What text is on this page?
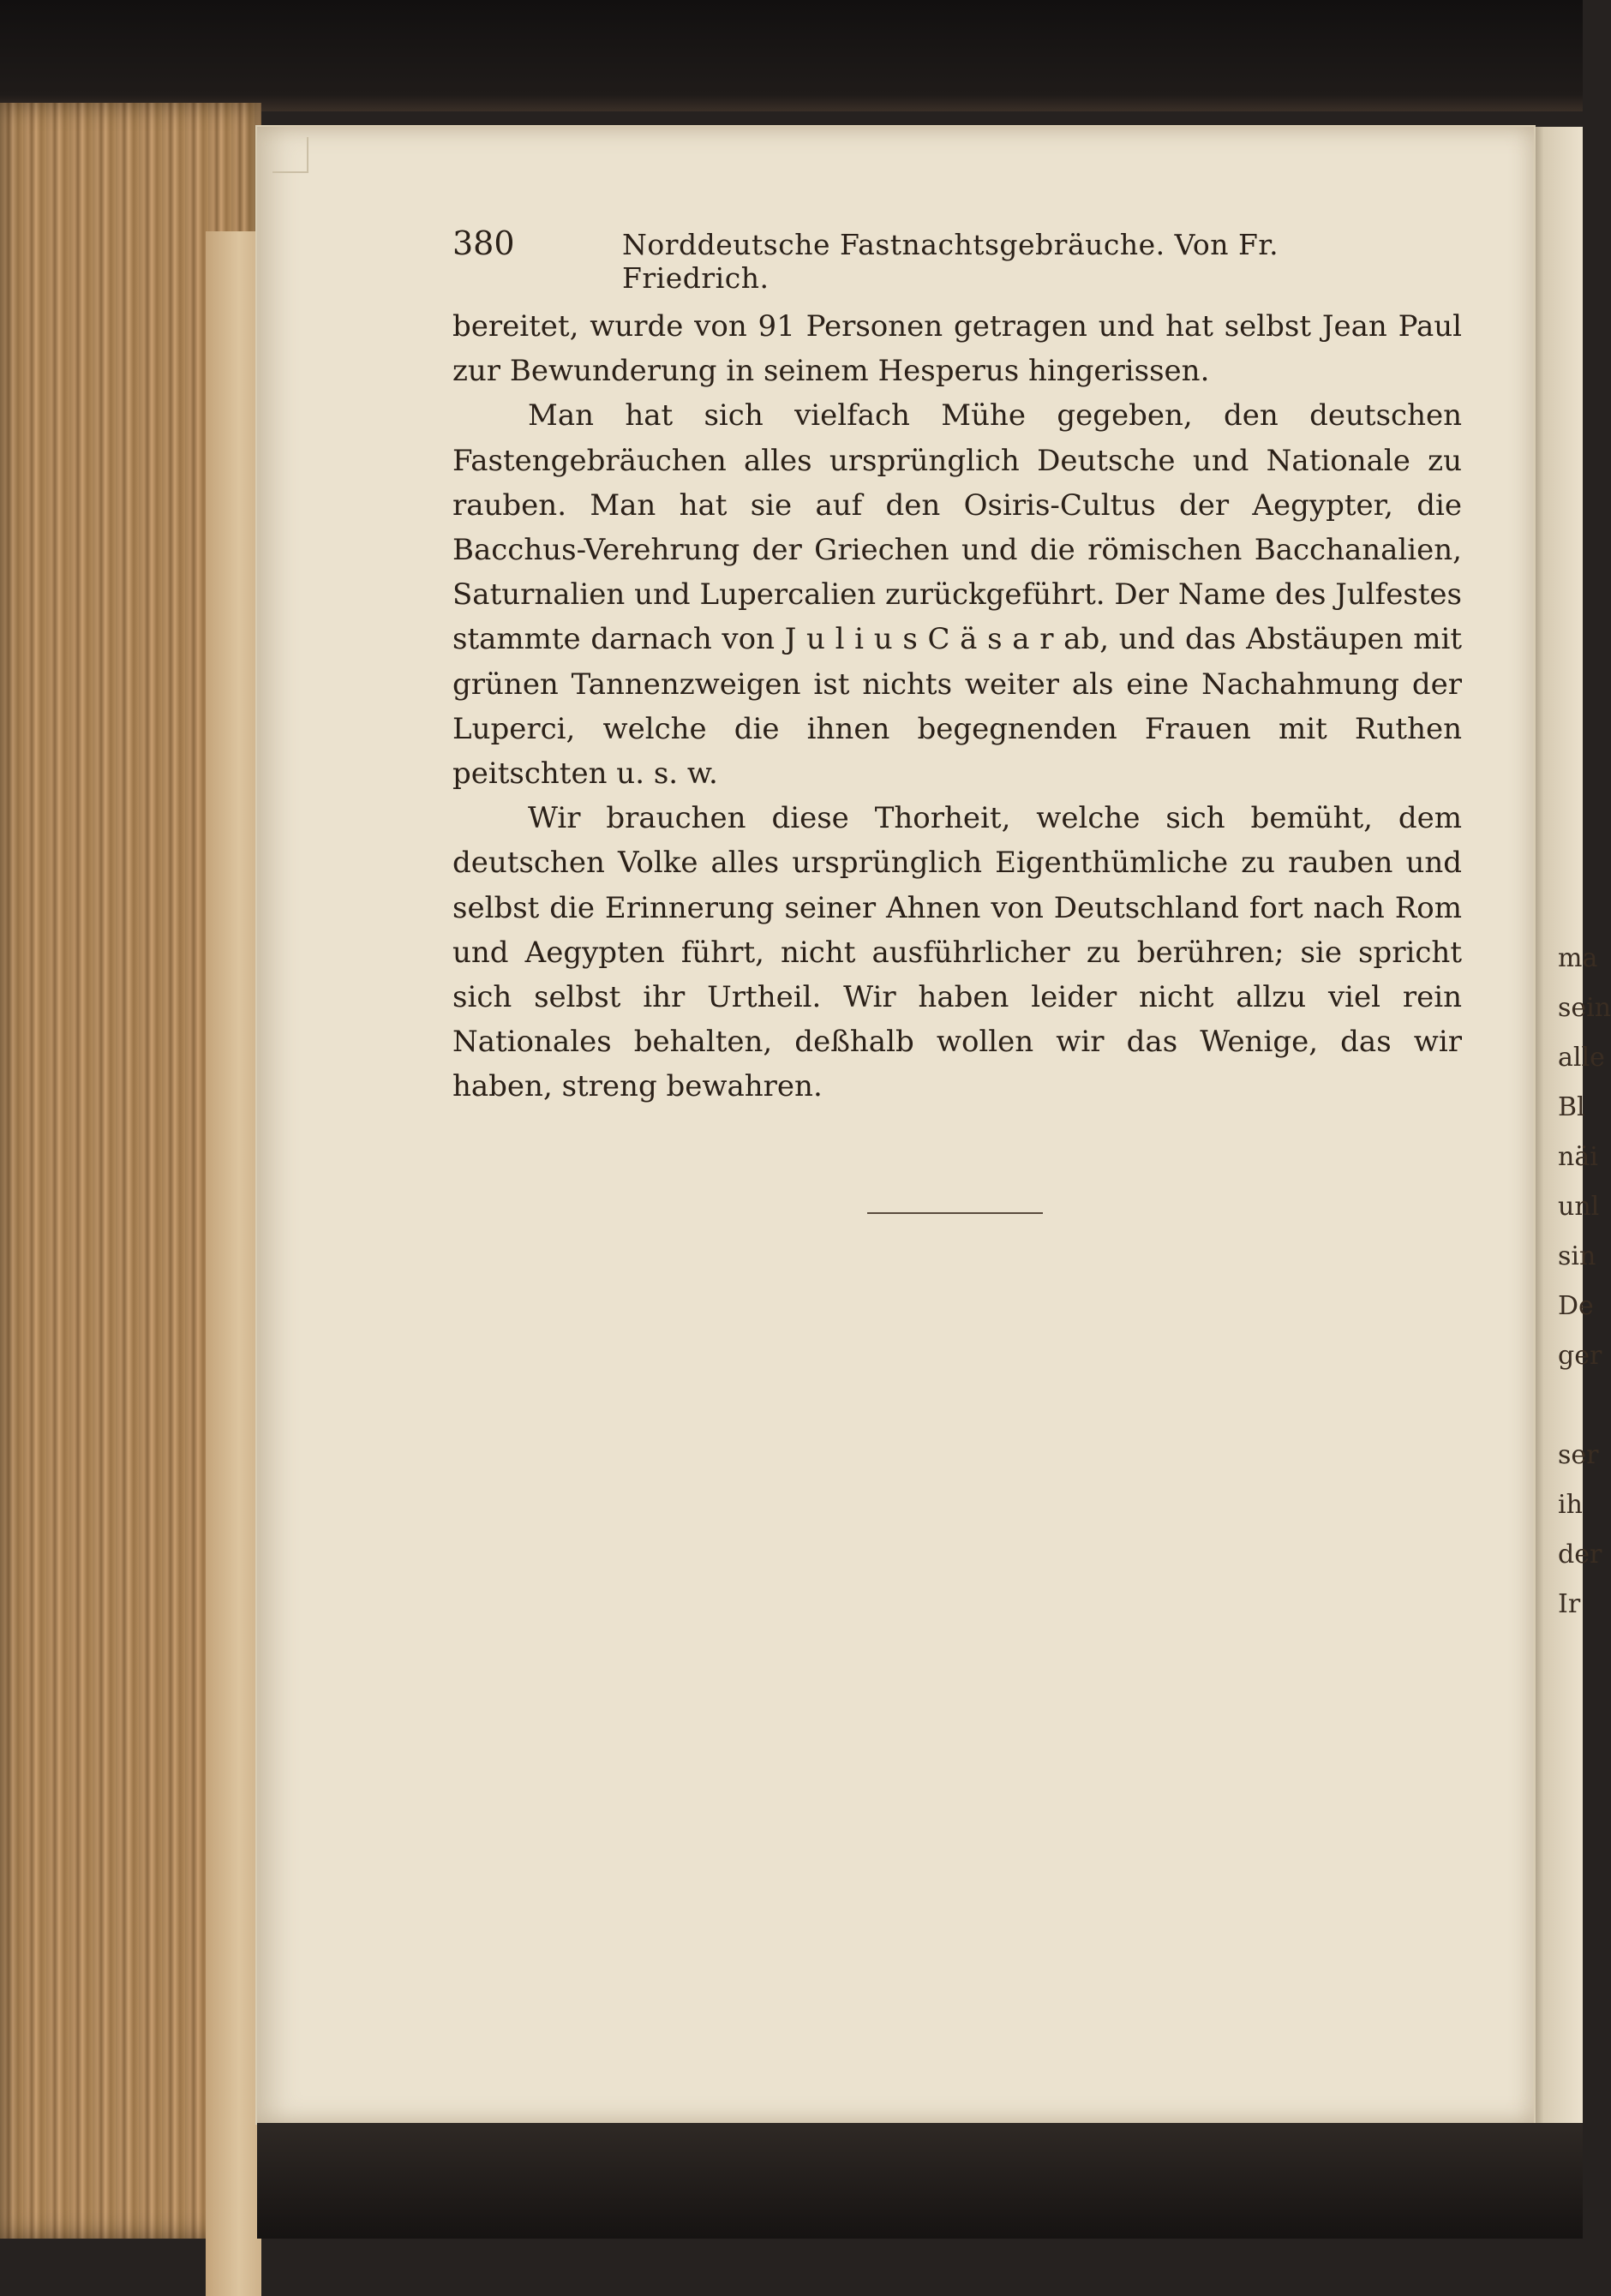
ma
sein
alle
Bl
näi
unl
sin
De
ger

ser
ih
der
Ir
380	Norddeutsche Fastnachtsgebräuche. Von Fr. Friedrich.

bereitet, wurde von 91 Personen getragen und hat selbst Jean Paul zur Bewunderung in seinem Hesperus hingerissen.

Man hat sich vielfach Mühe gegeben, den deutschen Fastengebräuchen alles ursprünglich Deutsche und Nationale zu rauben. Man hat sie auf den Osiris-Cultus der Aegypter, die Bacchus-Verehrung der Griechen und die römischen Bacchanalien, Saturnalien und Lupercalien zurückgeführt. Der Name des Julfestes stammte darnach von J u l i u s C ä s a r ab, und das Abstäupen mit grünen Tannenzweigen ist nichts weiter als eine Nachahmung der Luperci, welche die ihnen begegnenden Frauen mit Ruthen peitschten u. s. w.

Wir brauchen diese Thorheit, welche sich bemüht, dem deutschen Volke alles ursprünglich Eigenthümliche zu rauben und selbst die Erinnerung seiner Ahnen von Deutschland fort nach Rom und Aegypten führt, nicht ausführlicher zu berühren; sie spricht sich selbst ihr Urtheil. Wir haben leider nicht allzu viel rein Nationales behalten, deßhalb wollen wir das Wenige, das wir haben, streng bewahren.
